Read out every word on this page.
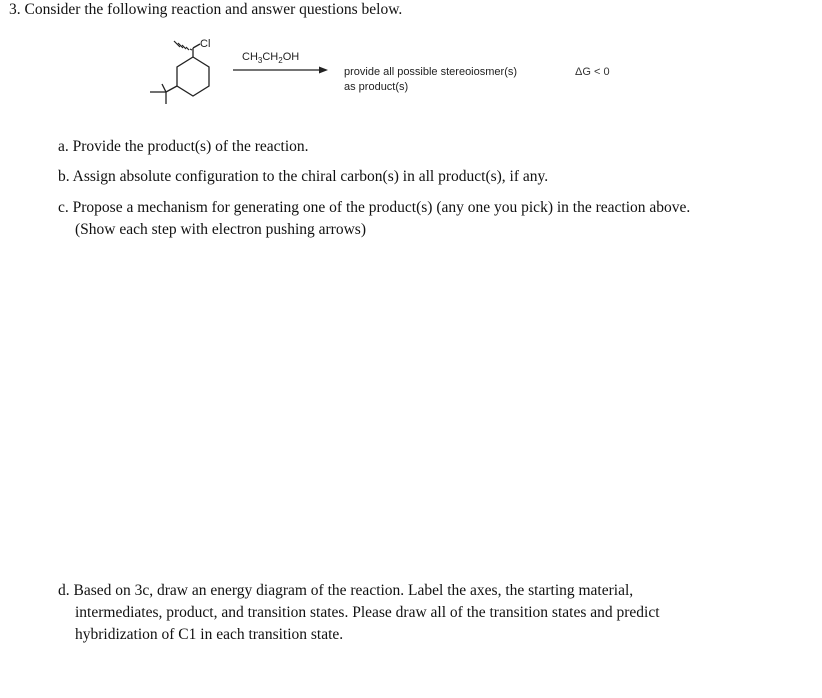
3. Consider the following reaction and answer questions below.
Cl
$CH_3CH_2OH$
provide all possible stereoiosmer(s)
as product(s)
ΔG < 0
a. Provide the product(s) of the reaction.
b. Assign absolute configuration to the chiral carbon(s) in all product(s), if any.
c. Propose a mechanism for generating one of the product(s) (any one you pick) in the reaction above.
(Show each step with electron pushing arrows)
d. Based on 3c, draw an energy diagram of the reaction. Label the axes, the starting material,
intermediates, product, and transition states. Please draw all of the transition states and predict
hybridization of C1 in each transition state.
